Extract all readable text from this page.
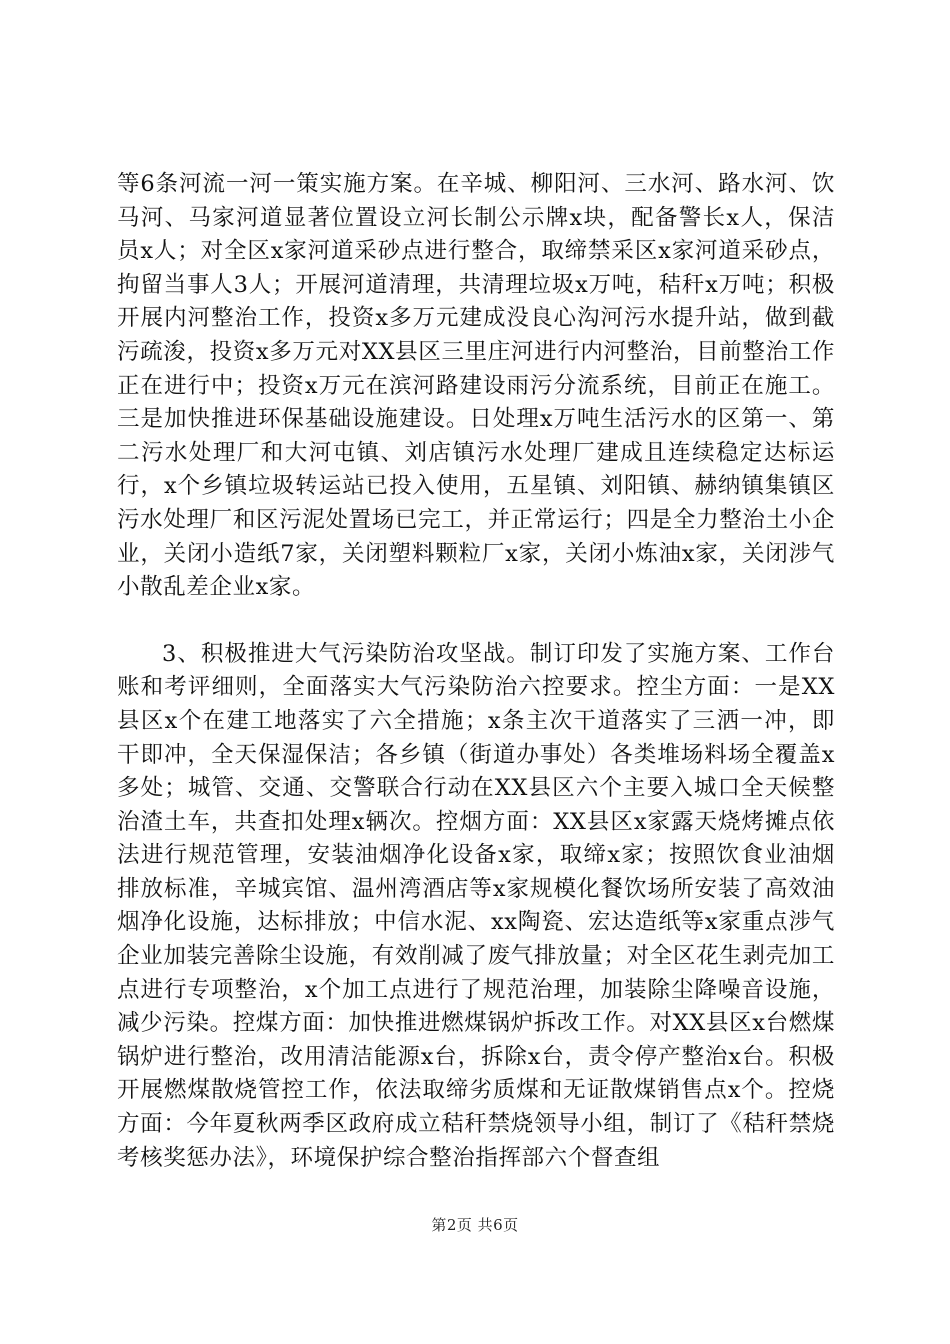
等6条河流一河一策实施方案。在辛城、柳阳河、三水河、路水河、饮马河、马家河道显著位置设立河长制公示牌x块，配备警长x人，保洁员x人；对全区x家河道采砂点进行整合，取缔禁采区x家河道采砂点，拘留当事人3人；开展河道清理，共清理垃圾x万吨，秸秆x万吨；积极开展内河整治工作，投资x多万元建成没良心沟河污水提升站，做到截污疏浚，投资x多万元对XX县区三里庄河进行内河整治，目前整治工作正在进行中；投资x万元在滨河路建设雨污分流系统，目前正在施工。三是加快推进环保基础设施建设。日处理x万吨生活污水的区第一、第二污水处理厂和大河屯镇、刘店镇污水处理厂建成且连续稳定达标运行，x个乡镇垃圾转运站已投入使用，五星镇、刘阳镇、赫纳镇集镇区污水处理厂和区污泥处置场已完工，并正常运行；四是全力整治土小企业，关闭小造纸7家，关闭塑料颗粒厂x家，关闭小炼油x家，关闭涉气小散乱差企业x家。

3、积极推进大气污染防治攻坚战。制订印发了实施方案、工作台账和考评细则，全面落实大气污染防治六控要求。控尘方面：一是XX县区x个在建工地落实了六全措施；x条主次干道落实了三洒一冲，即干即冲，全天保湿保洁；各乡镇（街道办事处）各类堆场料场全覆盖x多处；城管、交通、交警联合行动在XX县区六个主要入城口全天候整治渣土车，共查扣处理x辆次。控烟方面：XX县区x家露天烧烤摊点依法进行规范管理，安装油烟净化设备x家，取缔x家；按照饮食业油烟排放标准，辛城宾馆、温州湾酒店等x家规模化餐饮场所安装了高效油烟净化设施，达标排放；中信水泥、xx陶瓷、宏达造纸等x家重点涉气企业加装完善除尘设施，有效削减了废气排放量；对全区花生剥壳加工点进行专项整治，x个加工点进行了规范治理，加装除尘降噪音设施，减少污染。控煤方面：加快推进燃煤锅炉拆改工作。对XX县区x台燃煤锅炉进行整治，改用清洁能源x台，拆除x台，责令停产整治x台。积极开展燃煤散烧管控工作，依法取缔劣质煤和无证散煤销售点x个。控烧方面：今年夏秋两季区政府成立秸秆禁烧领导小组，制订了《秸秆禁烧考核奖惩办法》，环境保护综合整治指挥部六个督查组

第2页 共6页
